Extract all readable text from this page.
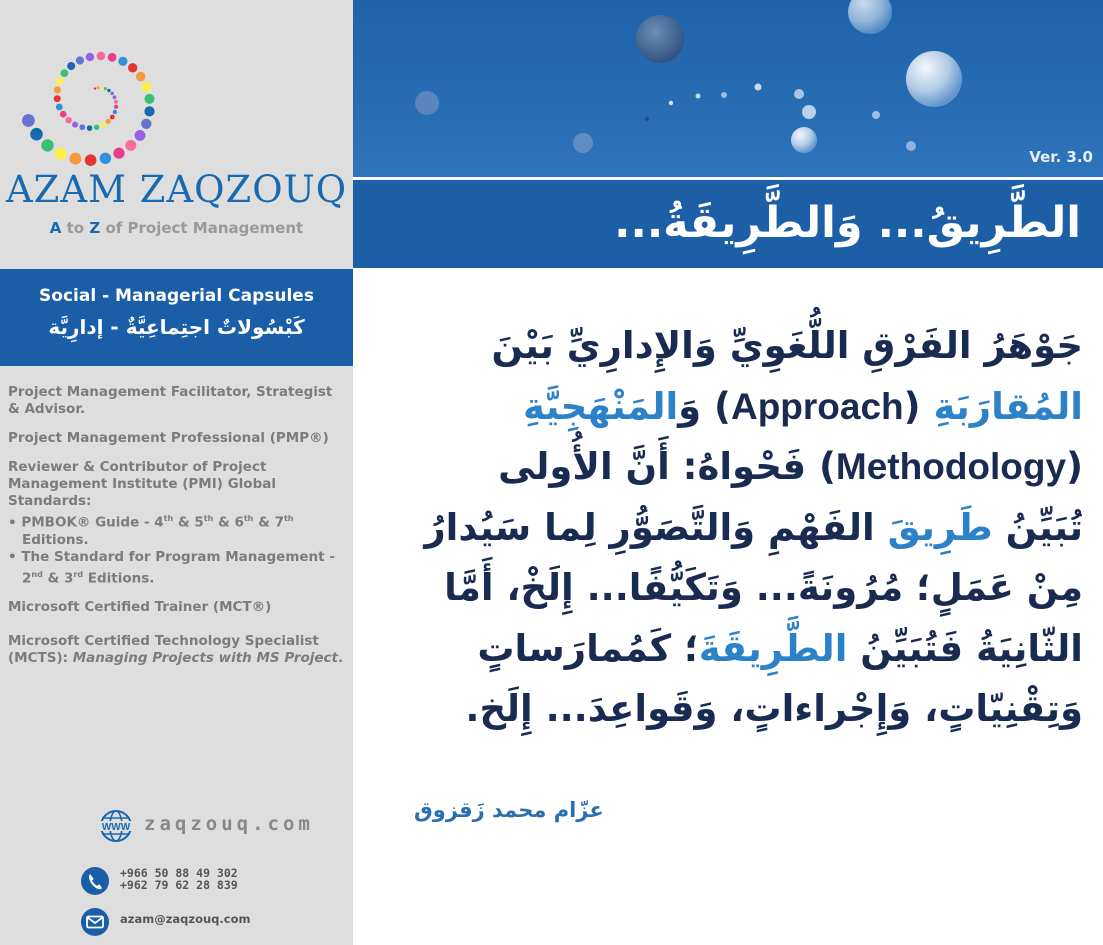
AZAM ZAQZOUQ
A to Z of Project Management
Social - Managerial Capsules
كَبْسُولاتٌ اجتِماعِيَّةٌ - إدارِيَّة

Project Management Facilitator, Strategist & Advisor.

Project Management Professional (PMP®)

Reviewer & Contributor of Project Management Institute (PMI) Global Standards:

• PMBOK® Guide - 4th & 5th & 6th & 7th Editions.
• The Standard for Program Management - 2nd & 3rd Editions.

Microsoft Certified Trainer (MCT®)

Microsoft Certified Technology Specialist (MCTS): Managing Projects with MS Project.

WWW zaqzouq.com
+966 50 88 49 302
+962 79 62 28 839
azam@zaqzouq.com
Ver. 3.0
الطَّرِيقُ... وَالطَّرِيقَةُ...
جَوْهَرُ الفَرْقِ اللُّغَوِيِّ وَالإِدارِيِّ بَيْنَ
المُقارَبَةِ (Approach) وَالمَنْهَجِيَّةِ
(Methodology) فَحْواهُ: أَنَّ الأُولى
تُبَيِّنُ طَرِيقَ الفَهْمِ وَالتَّصَوُّرِ لِما سَيُدارُ
مِنْ عَمَلٍ؛ مُرُونَةً... وَتَكَيُّفًا... إِلَخْ، أَمَّا
الثّانِيَةُ فَتُبَيِّنُ الطَّرِيقَةَ؛ كَمُمارَساتٍ
وَتِقْنِيّاتٍ، وَإِجْراءاتٍ، وَقَواعِدَ... إِلَخ.
عزّام محمد زَقزوق
